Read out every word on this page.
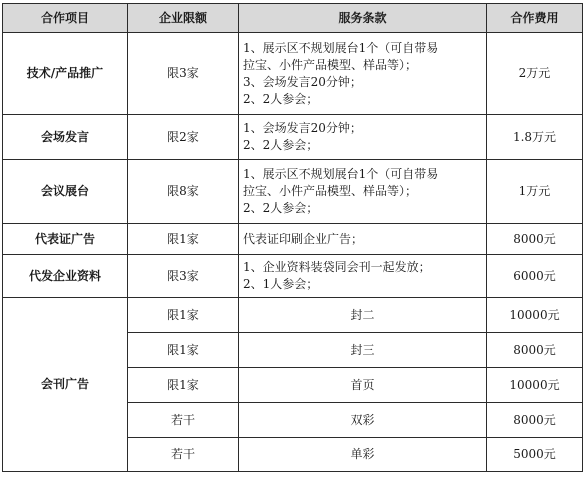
合作项目	企业限额	服务条款	合作费用
技术/产品推广	限3家	1、展示区不规划展台1个（可自带易
拉宝、小件产品模型、样品等）；
3、会场发言20分钟；
2、2人参会；	2万元
会场发言	限2家	1、会场发言20分钟；
2、2人参会；	1.8万元
会议展台	限8家	1、展示区不规划展台1个（可自带易
拉宝、小件产品模型、样品等）；
2、2人参会；	1万元
代表证广告	限1家	代表证印刷企业广告；	8000元
代发企业资料	限3家	1、企业资料装袋同会刊一起发放；
2、1人参会；	6000元
会刊广告	限1家	封二	10000元
	限1家	封三	8000元
	限1家	首页	10000元
	若干	双彩	8000元
	若干	单彩	5000元
